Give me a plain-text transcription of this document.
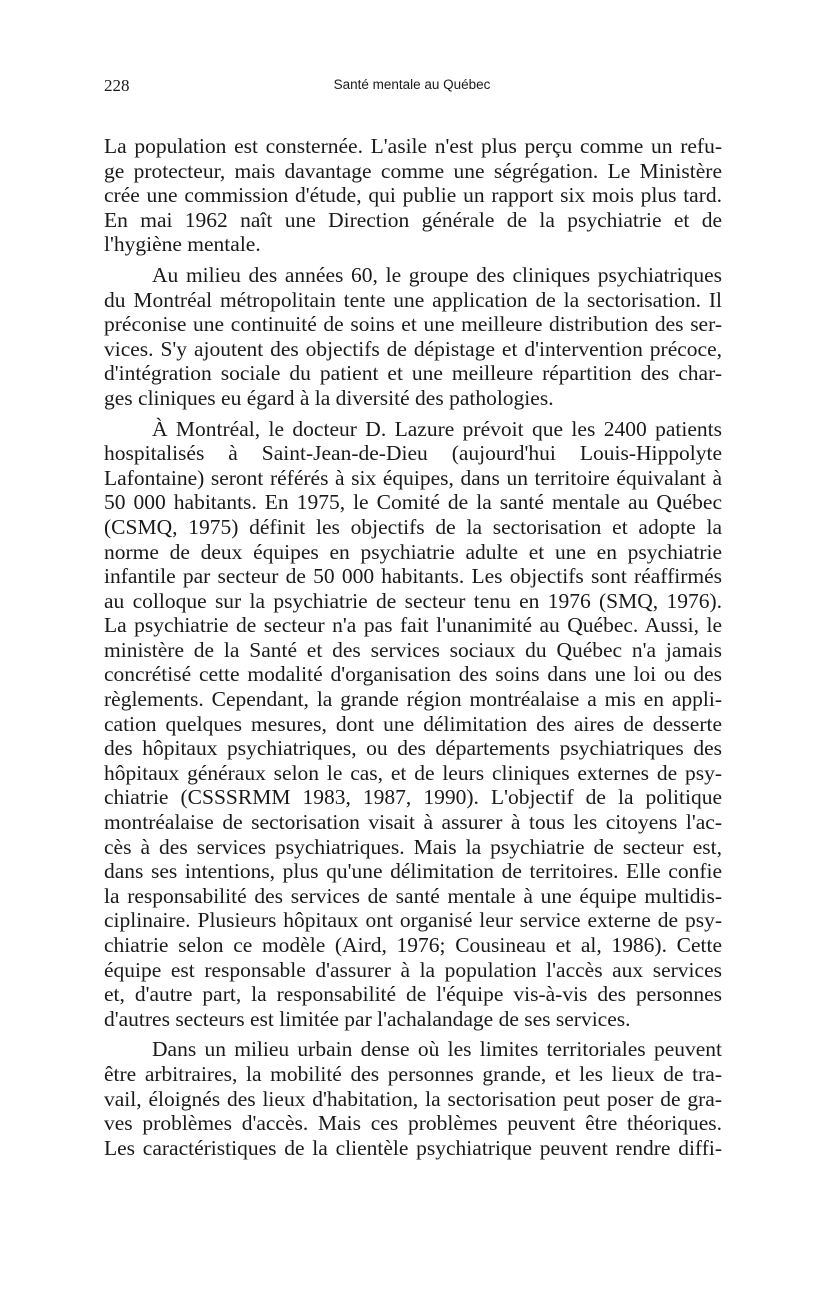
228	Santé mentale au Québec

La population est consternée. L'asile n'est plus perçu comme un refu-
ge protecteur, mais davantage comme une ségrégation. Le Ministère
crée une commission d'étude, qui publie un rapport six mois plus tard.
En mai 1962 naît une Direction générale de la psychiatrie et de
l'hygiène mentale.

Au milieu des années 60, le groupe des cliniques psychiatriques
du Montréal métropolitain tente une application de la sectorisation. Il
préconise une continuité de soins et une meilleure distribution des ser-
vices. S'y ajoutent des objectifs de dépistage et d'intervention précoce,
d'intégration sociale du patient et une meilleure répartition des char-
ges cliniques eu égard à la diversité des pathologies.

À Montréal, le docteur D. Lazure prévoit que les 2400 patients
hospitalisés à Saint-Jean-de-Dieu (aujourd'hui Louis-Hippolyte
Lafontaine) seront référés à six équipes, dans un territoire équivalant à
50 000 habitants. En 1975, le Comité de la santé mentale au Québec
(CSMQ, 1975) définit les objectifs de la sectorisation et adopte la
norme de deux équipes en psychiatrie adulte et une en psychiatrie
infantile par secteur de 50 000 habitants. Les objectifs sont réaffirmés
au colloque sur la psychiatrie de secteur tenu en 1976 (SMQ, 1976).
La psychiatrie de secteur n'a pas fait l'unanimité au Québec. Aussi, le
ministère de la Santé et des services sociaux du Québec n'a jamais
concrétisé cette modalité d'organisation des soins dans une loi ou des
règlements. Cependant, la grande région montréalaise a mis en appli-
cation quelques mesures, dont une délimitation des aires de desserte
des hôpitaux psychiatriques, ou des départements psychiatriques des
hôpitaux généraux selon le cas, et de leurs cliniques externes de psy-
chiatrie (CSSSRMM 1983, 1987, 1990). L'objectif de la politique
montréalaise de sectorisation visait à assurer à tous les citoyens l'ac-
cès à des services psychiatriques. Mais la psychiatrie de secteur est,
dans ses intentions, plus qu'une délimitation de territoires. Elle confie
la responsabilité des services de santé mentale à une équipe multidis-
ciplinaire. Plusieurs hôpitaux ont organisé leur service externe de psy-
chiatrie selon ce modèle (Aird, 1976; Cousineau et al, 1986). Cette
équipe est responsable d'assurer à la population l'accès aux services
et, d'autre part, la responsabilité de l'équipe vis-à-vis des personnes
d'autres secteurs est limitée par l'achalandage de ses services.

Dans un milieu urbain dense où les limites territoriales peuvent
être arbitraires, la mobilité des personnes grande, et les lieux de tra-
vail, éloignés des lieux d'habitation, la sectorisation peut poser de gra-
ves problèmes d'accès. Mais ces problèmes peuvent être théoriques.
Les caractéristiques de la clientèle psychiatrique peuvent rendre diffi-
